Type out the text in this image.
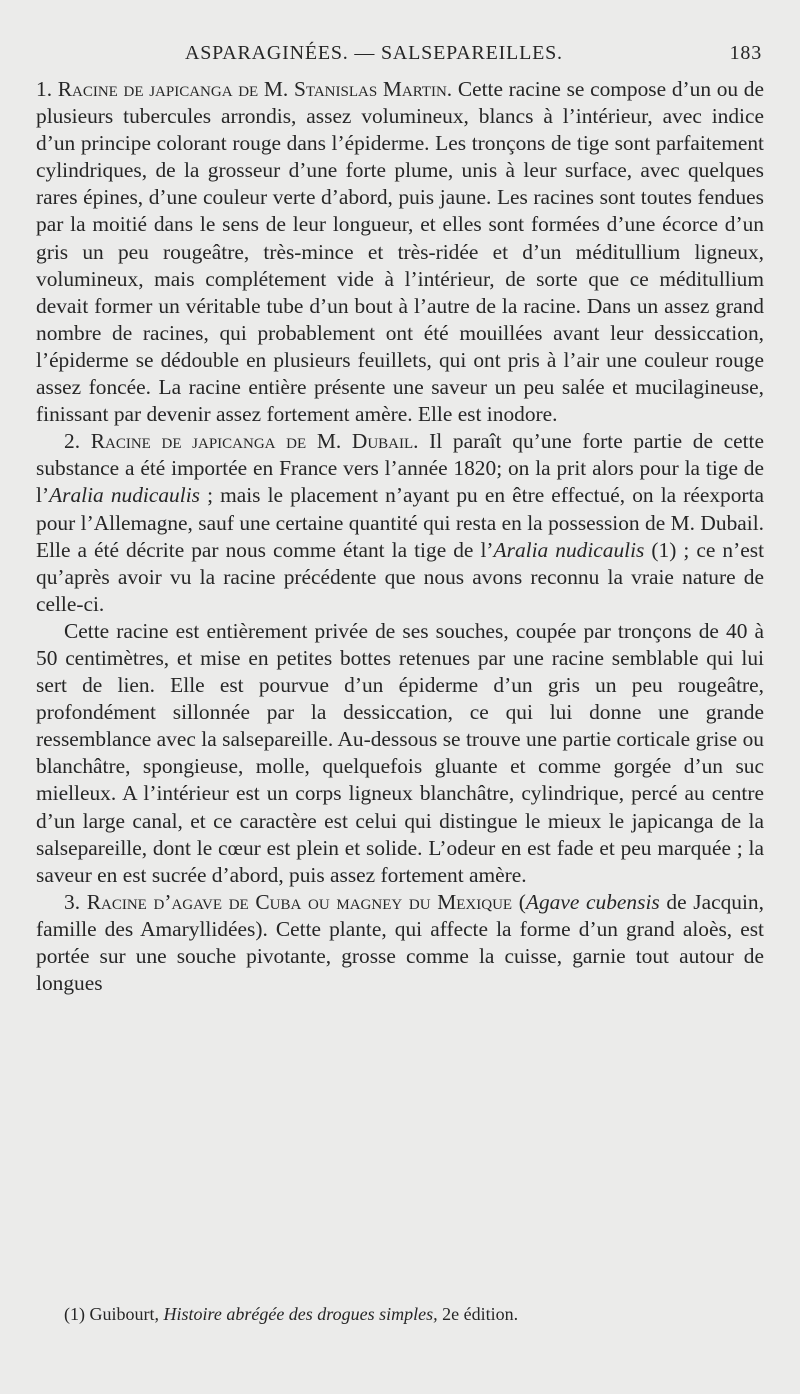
ASPARAGINÉES. — SALSEPAREILLES.	183

1. Racine de japicanga de M. Stanislas Martin. Cette racine se compose d’un ou de plusieurs tubercules arrondis, assez volumineux, blancs à l’intérieur, avec indice d’un principe colorant rouge dans l’épiderme. Les tronçons de tige sont parfaitement cylindriques, de la grosseur d’une forte plume, unis à leur surface, avec quelques rares épines, d’une couleur verte d’abord, puis jaune. Les racines sont toutes fendues par la moitié dans le sens de leur longueur, et elles sont formées d’une écorce d’un gris un peu rougeâtre, très-mince et très-ridée et d’un méditullium ligneux, volumineux, mais complétement vide à l’intérieur, de sorte que ce méditullium devait former un véritable tube d’un bout à l’autre de la racine. Dans un assez grand nombre de racines, qui probablement ont été mouillées avant leur dessiccation, l’épiderme se dédouble en plusieurs feuillets, qui ont pris à l’air une couleur rouge assez foncée. La racine entière présente une saveur un peu salée et mucilagineuse, finissant par devenir assez fortement amère. Elle est inodore.

2. Racine de japicanga de M. Dubail. Il paraît qu’une forte partie de cette substance a été importée en France vers l’année 1820; on la prit alors pour la tige de l’Aralia nudicaulis ; mais le placement n’ayant pu en être effectué, on la réexporta pour l’Allemagne, sauf une certaine quantité qui resta en la possession de M. Dubail. Elle a été décrite par nous comme étant la tige de l’Aralia nudicaulis (1) ; ce n’est qu’après avoir vu la racine précédente que nous avons reconnu la vraie nature de celle-ci.

Cette racine est entièrement privée de ses souches, coupée par tronçons de 40 à 50 centimètres, et mise en petites bottes retenues par une racine semblable qui lui sert de lien. Elle est pourvue d’un épiderme d’un gris un peu rougeâtre, profondément sillonnée par la dessiccation, ce qui lui donne une grande ressemblance avec la salsepareille. Au-dessous se trouve une partie corticale grise ou blanchâtre, spongieuse, molle, quelquefois gluante et comme gorgée d’un suc mielleux. A l’intérieur est un corps ligneux blanchâtre, cylindrique, percé au centre d’un large canal, et ce caractère est celui qui distingue le mieux le japicanga de la salsepareille, dont le cœur est plein et solide. L’odeur en est fade et peu marquée ; la saveur en est sucrée d’abord, puis assez fortement amère.

3. Racine d’agave de Cuba ou magney du Mexique (Agave cubensis de Jacquin, famille des Amaryllidées). Cette plante, qui affecte la forme d’un grand aloès, est portée sur une souche pivotante, grosse comme la cuisse, garnie tout autour de longues

(1) Guibourt, Histoire abrégée des drogues simples, 2e édition.
